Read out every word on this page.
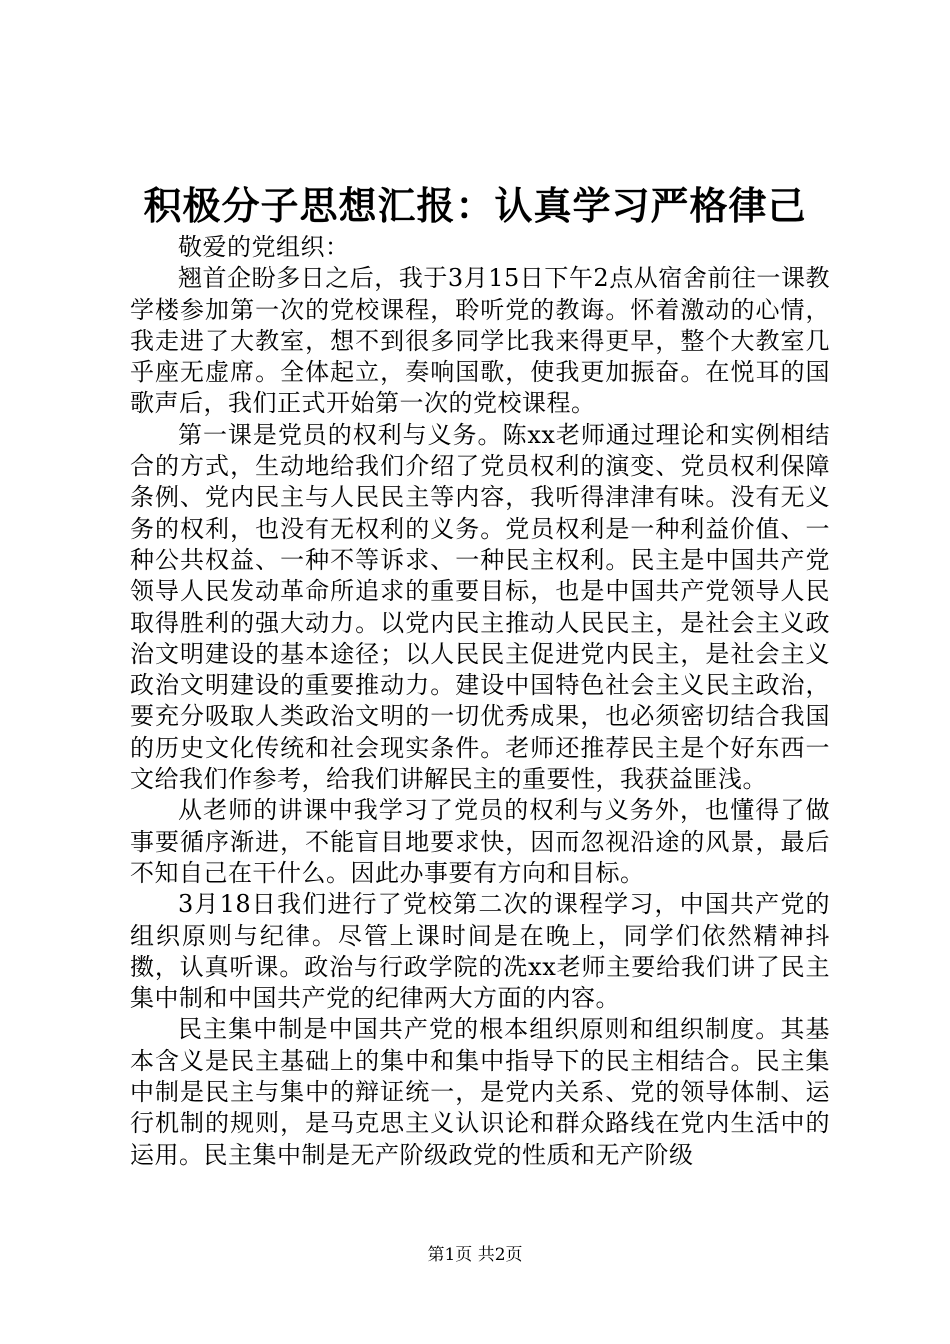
积极分子思想汇报：认真学习严格律己

敬爱的党组织：

翘首企盼多日之后，我于3月15日下午2点从宿舍前往一课教学楼参加第一次的党校课程，聆听党的教诲。怀着激动的心情，我走进了大教室，想不到很多同学比我来得更早，整个大教室几乎座无虚席。全体起立，奏响国歌，使我更加振奋。在悦耳的国歌声后，我们正式开始第一次的党校课程。

第一课是党员的权利与义务。陈xx老师通过理论和实例相结合的方式，生动地给我们介绍了党员权利的演变、党员权利保障条例、党内民主与人民民主等内容，我听得津津有味。没有无义务的权利，也没有无权利的义务。党员权利是一种利益价值、一种公共权益、一种不等诉求、一种民主权利。民主是中国共产党领导人民发动革命所追求的重要目标，也是中国共产党领导人民取得胜利的强大动力。以党内民主推动人民民主，是社会主义政治文明建设的基本途径；以人民民主促进党内民主，是社会主义政治文明建设的重要推动力。建设中国特色社会主义民主政治，要充分吸取人类政治文明的一切优秀成果，也必须密切结合我国的历史文化传统和社会现实条件。老师还推荐民主是个好东西一文给我们作参考，给我们讲解民主的重要性，我获益匪浅。

从老师的讲课中我学习了党员的权利与义务外，也懂得了做事要循序渐进，不能盲目地要求快，因而忽视沿途的风景，最后不知自己在干什么。因此办事要有方向和目标。

3月18日我们进行了党校第二次的课程学习，中国共产党的组织原则与纪律。尽管上课时间是在晚上，同学们依然精神抖擞，认真听课。政治与行政学院的冼xx老师主要给我们讲了民主集中制和中国共产党的纪律两大方面的内容。

民主集中制是中国共产党的根本组织原则和组织制度。其基本含义是民主基础上的集中和集中指导下的民主相结合。民主集中制是民主与集中的辩证统一，是党内关系、党的领导体制、运行机制的规则，是马克思主义认识论和群众路线在党内生活中的运用。民主集中制是无产阶级政党的性质和无产阶级

第1页 共2页
